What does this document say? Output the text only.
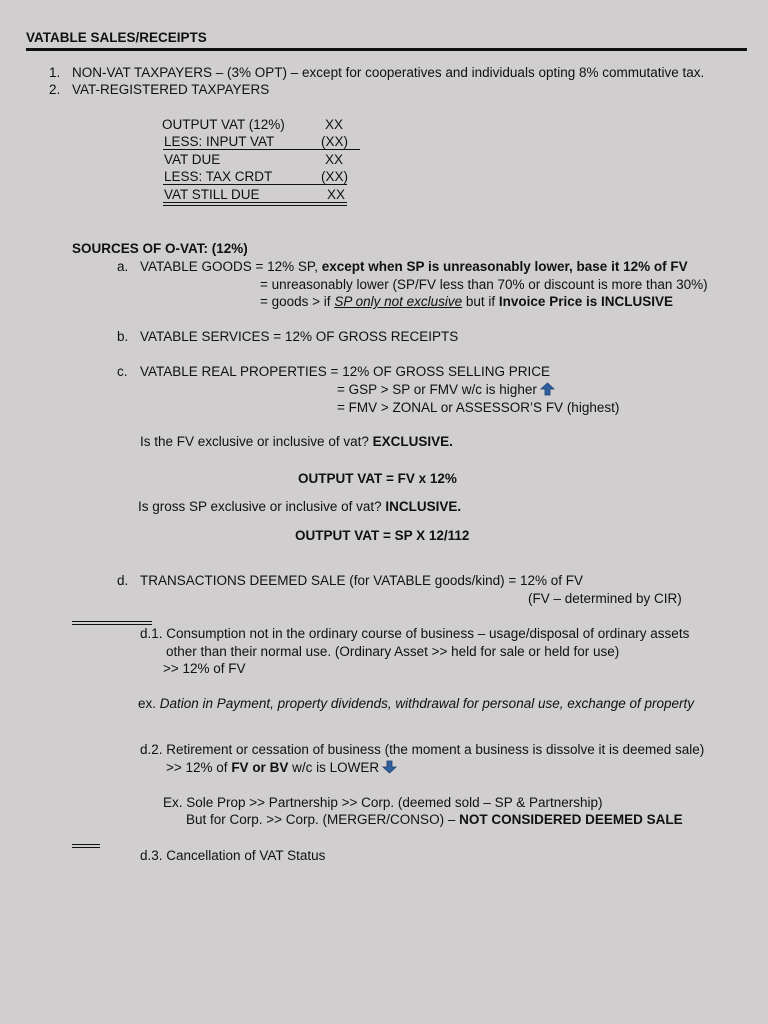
VATABLE SALES/RECEIPTS
1. NON-VAT TAXPAYERS – (3% OPT) – except for cooperatives and individuals opting 8% commutative tax.
2. VAT-REGISTERED TAXPAYERS
OUTPUT VAT (12%)	XX
LESS: INPUT VAT	(XX)
VAT DUE	XX
LESS: TAX CRDT	(XX)
VAT STILL DUE	XX
SOURCES OF O-VAT: (12%)
a. VATABLE GOODS = 12% SP, except when SP is unreasonably lower, base it 12% of FV
= unreasonably lower (SP/FV less than 70% or discount is more than 30%)
= goods > if SP only not exclusive but if Invoice Price is INCLUSIVE
b. VATABLE SERVICES = 12% OF GROSS RECEIPTS
c. VATABLE REAL PROPERTIES = 12% OF GROSS SELLING PRICE
= GSP > SP or FMV w/c is higher
= FMV > ZONAL or ASSESSOR’S FV (highest)
Is the FV exclusive or inclusive of vat? EXCLUSIVE.
OUTPUT VAT = FV x 12%
Is gross SP exclusive or inclusive of vat? INCLUSIVE.
OUTPUT VAT = SP X 12/112
d. TRANSACTIONS DEEMED SALE (for VATABLE goods/kind) = 12% of FV
(FV – determined by CIR)
d.1. Consumption not in the ordinary course of business – usage/disposal of ordinary assets
other than their normal use. (Ordinary Asset >> held for sale or held for use)
>> 12% of FV
ex. Dation in Payment, property dividends, withdrawal for personal use, exchange of property
d.2. Retirement or cessation of business (the moment a business is dissolve it is deemed sale)
>> 12% of FV or BV w/c is LOWER
Ex. Sole Prop >> Partnership >> Corp. (deemed sold – SP & Partnership)
But for Corp. >> Corp. (MERGER/CONSO) – NOT CONSIDERED DEEMED SALE
d.3. Cancellation of VAT Status
